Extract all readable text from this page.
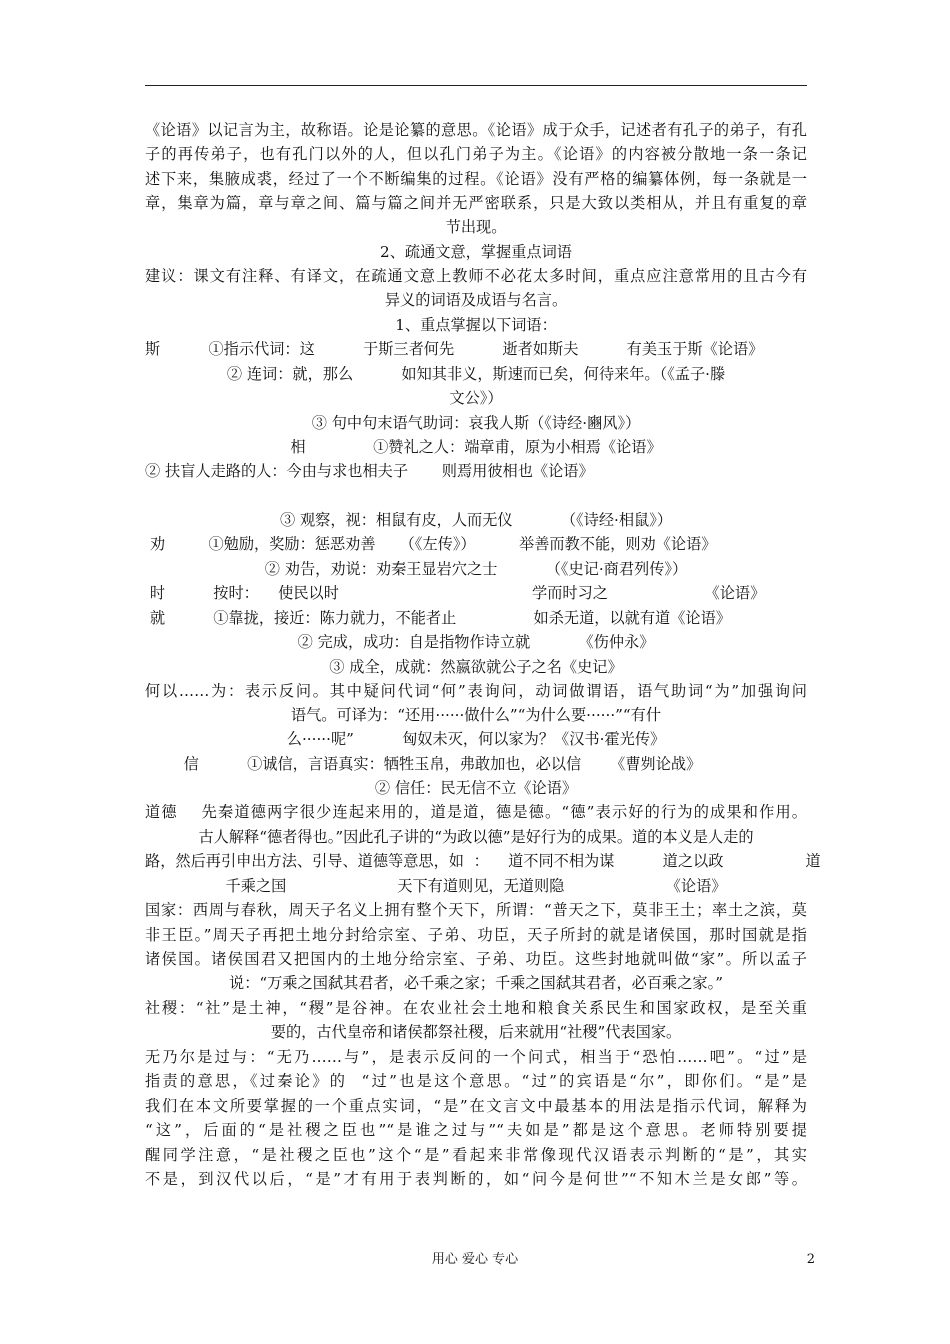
《论语》以记言为主，故称语。论是论纂的意思。《论语》成于众手，记述者有孔子的弟子，有孔
子的再传弟子，也有孔门以外的人，但以孔门弟子为主。《论语》的内容被分散地一条一条记
述下来，集腋成裘，经过了一个不断编集的过程。《论语》没有严格的编纂体例，每一条就是一
章，集章为篇，章与章之间、篇与篇之间并无严密联系，只是大致以类相从，并且有重复的章
节出现。
2、疏通文意，掌握重点词语
建议：课文有注释、有译文，在疏通文意上教师不必花太多时间，重点应注意常用的且古今有
异义的词语及成语与名言。
1、重点掌握以下词语：
斯          ①指示代词：这          于斯三者何先          逝者如斯夫          有美玉于斯《论语》
② 连词：就，那么          如知其非义，斯速而已矣，何待来年。（《孟子·滕
文公》）
③ 句中句末语气助词：哀我人斯（《诗经·豳风》）
相              ①赞礼之人：端章甫，原为小相焉《论语》
② 扶盲人走路的人：今由与求也相夫子       则焉用彼相也《论语》
③ 观察，视：相鼠有皮，人而无仪          （《诗经·相鼠》）
劝         ①勉励，奖励：惩恶劝善     （《左传》）         举善而教不能，则劝《论语》
② 劝告，劝说：劝秦王显岩穴之士          （《史记·商君列传》）
时          按时：    使民以时                                        学而时习之                    《论语》
就          ①靠拢，接近：陈力就力，不能者止                如杀无道，以就有道《论语》
② 完成，成功：自是指物作诗立就          《伤仲永》
③ 成全，成就：然嬴欲就公子之名《史记》
何以……为：表示反问。其中疑问代词“何”表询问，动词做谓语，语气助词“为”加强询问
语气。可译为：“还用······做什么”“为什么要······”“有什
么······呢”          匈奴未灭，何以家为？《汉书·霍光传》
信          ①诚信，言语真实：牺牲玉帛，弗敢加也，必以信      《曹刿论战》
② 信任：民无信不立《论语》
道德    先秦道德两字很少连起来用的，道是道，德是德。“德”表示好的行为的成果和作用。
古人解释“德者得也。”因此孔子讲的“为政以德”是好行为的成果。道的本义是人走的
路，然后再引申出方法、引导、道德等意思，如  ：    道不同不相为谋          道之以政                 道
千乘之国                       天下有道则见，无道则隐                     《论语》
国家：西周与春秋，周天子名义上拥有整个天下，所谓：“普天之下，莫非王土；率土之滨，莫
非王臣。”周天子再把土地分封给宗室、子弟、功臣，天子所封的就是诸侯国，那时国就是指
诸侯国。诸侯国君又把国内的土地分给宗室、子弟、功臣。这些封地就叫做“家”。所以孟子
说：“万乘之国弑其君者，必千乘之家；千乘之国弑其君者，必百乘之家。”
社稷：“社”是土神，“稷”是谷神。在农业社会土地和粮食关系民生和国家政权，是至关重
要的，古代皇帝和诸侯都祭社稷，后来就用“社稷”代表国家。
无乃尔是过与：“无乃……与”，是表示反问的一个问式，相当于“恐怕……吧”。“过”是
指责的意思，《过秦论》的  “过”也是这个意思。“过”的宾语是“尔”，即你们。“是”是
我们在本文所要掌握的一个重点实词，“是”在文言文中最基本的用法是指示代词，解释为
“这”，后面的“是社稷之臣也”“是谁之过与”“夫如是”都是这个意思。老师特别要提
醒同学注意，“是社稷之臣也”这个“是”看起来非常像现代汉语表示判断的“是”，其实
不是，到汉代以后，“是”才有用于表判断的，如“问今是何世”“不知木兰是女郎”等。
用心 爱心 专心	2
